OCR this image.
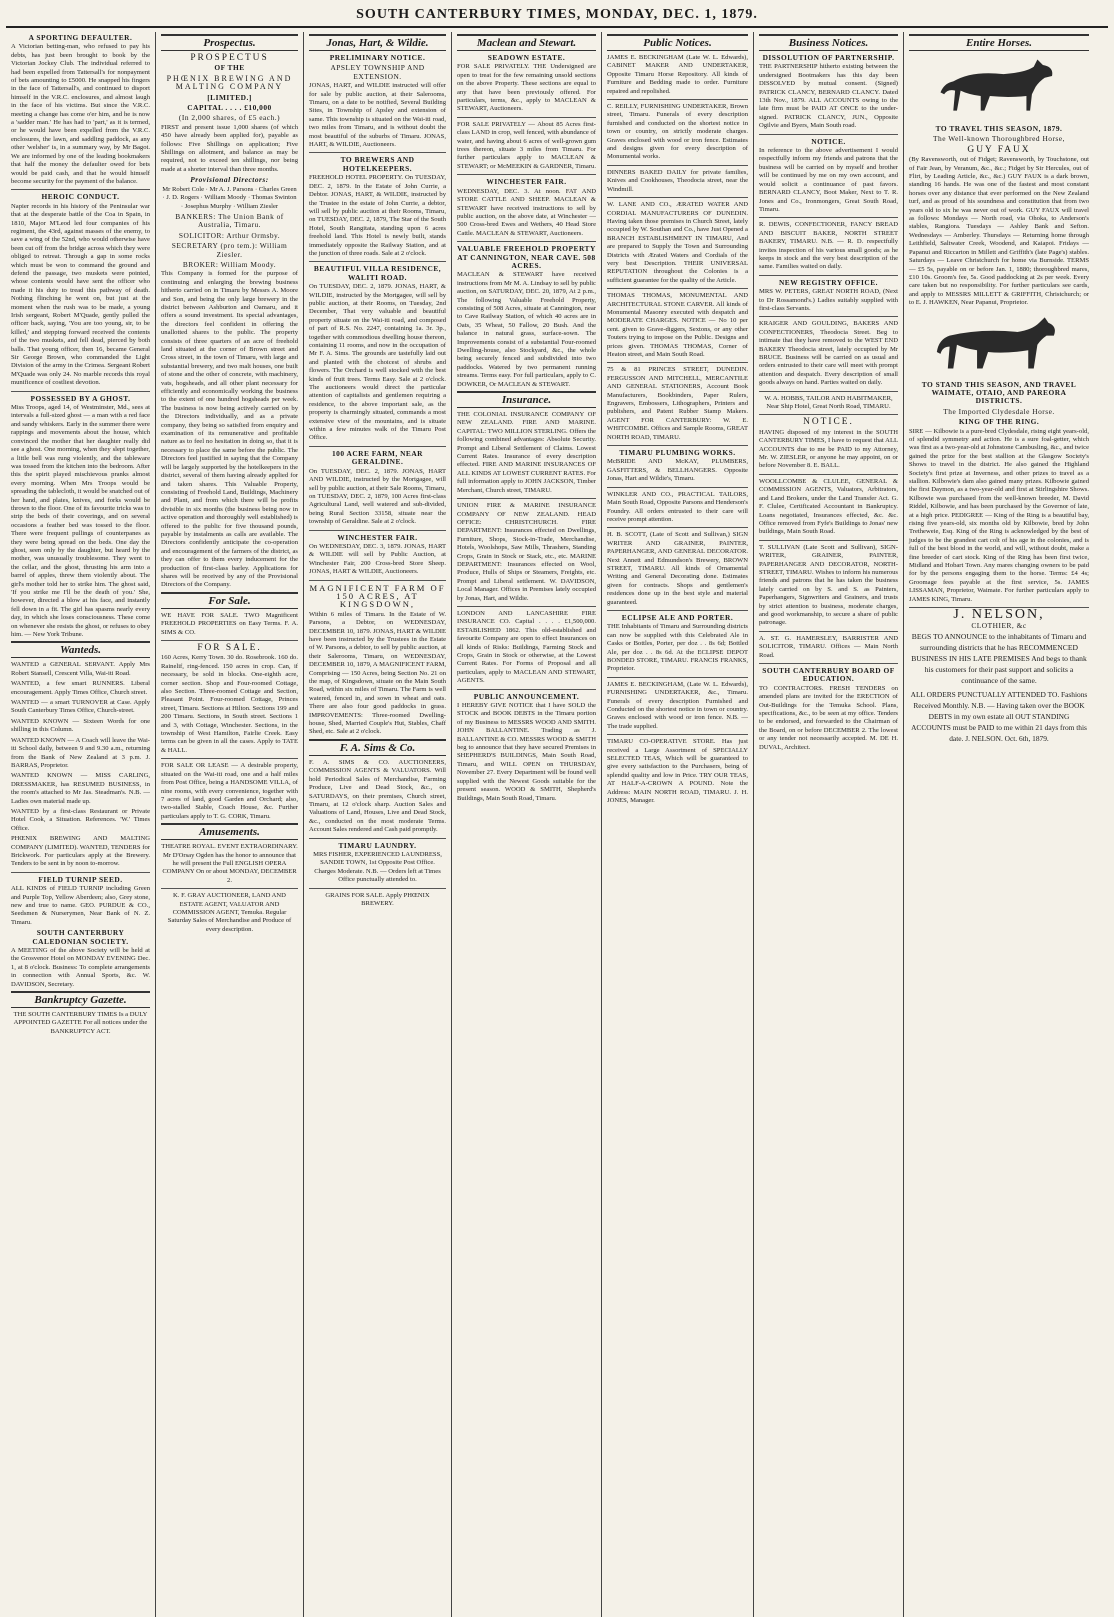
SOUTH CANTERBURY TIMES, MONDAY, DEC. 1, 1879.
A SPORTING DEFAULTER.
A Victorian betting-man, who refused to pay his debts, has just been brought to book by the Victorian Jockey Club. The individual referred to had been expelled from Tattersall's for nonpayment of bets amounting to £5000. He snapped his fingers in the face of Tattersall's, and continued to disport himself in the V.R.C. enclosures, and almost laugh in the face of his victims. But since the V.R.C. meeting a change has come o'er him, and he is now a 'sadder man.' He has had to 'part,' as it is termed, or he would have been expelled from the V.R.C. enclosures, the lawn, and saddling paddock, as any other 'welsher' is, in a summary way, by Mr Bagot. We are informed by one of the leading bookmakers that half the money the defaulter owed for bets would be paid cash, and that he would himself become security for the payment of the balance.
HEROIC CONDUCT.
Napier records in his history of the Peninsular war that at the desperate battle of the Coa in Spain, in 1810, Major M'Leod led four companies of his regiment, the 43rd, against masses of the enemy, to save a wing of the 52nd, who would otherwise have been cut off from the bridge across which they were obliged to retreat. Through a gap in some rocks which must be won to command the ground and defend the passage, two muskets were pointed, whose contents would have sent the officer who made it his duty to tread this pathway of death. Nothing flinching he went on, but just at the moment when the rush was to be made, a young Irish sergeant, Robert M'Quade, gently pulled the officer back, saying, 'You are too young, sir, to be killed,' and stepping forward received the contents of the two muskets, and fell dead, pierced by both balls. That young officer, then 16, became General Sir George Brown, who commanded the Light Division of the army in the Crimea. Sergeant Robert M'Quade was only 24. No marble records this royal munificence of costliest devotion.
POSSESSED BY A GHOST.
Miss Troops, aged 14, of Westminster, Md., sees at intervals a full-sized ghost — a man with a red face and sandy whiskers. Early in the summer there were rappings and movements about the house, which convinced the mother that her daughter really did see a ghost. One morning, when they slept together, a little bell was rung violently, and the tableware was tossed from the kitchen into the bedroom. After this the spirit played mischievous pranks almost every morning. When Mrs Troops would be spreading the tablecloth, it would be snatched out of her hand, and plates, knives, and forks would be thrown to the floor. One of its favourite tricks was to strip the beds of their coverings, and on several occasions a feather bed was tossed to the floor. There were frequent pullings of counterpanes as they were being spread on the beds. One day the ghost, seen only by the daughter, but heard by the mother, was unusually troublesome. They went to the cellar, and the ghost, thrusting his arm into a barrel of apples, threw them violently about. The girl's mother told her to strike him. The ghost said, 'If you strike me I'll be the death of you.' She, however, directed a blow at his face, and instantly fell down in a fit. The girl has spasms nearly every day, in which she loses consciousness. These come on whenever she resists the ghost, or refuses to obey him. — New York Tribune.
Wanteds.
WANTED a GENERAL SERVANT. Apply Mrs Robert Stansell, Crescent Villa, Wai-iti Road.
WANTED, a few smart RUNNERS. Liberal encouragement. Apply Times Office, Church street.
WANTED — a smart TURNOVER at Case. Apply South Canterbury Times Office, Church-street.
WANTED KNOWN — Sixteen Words for one shilling in this Column.
WANTED KNOWN — A Coach will leave the Wai-iti School daily, between 9 and 9.30 a.m., returning from the Bank of New Zealand at 3 p.m. J. BARRAS, Proprietor.
WANTED KNOWN — MISS CARLING, DRESSMAKER, has RESUMED BUSINESS, in the room's attached to Mr Jas. Steadman's. N.B. — Ladies own material made up.
WANTED by a first-class Restaurant or Private Hotel Cook, a Situation. References. 'W.' Times Office.
PHŒNIX BREWING AND MALTING COMPANY (LIMITED). WANTED, TENDERS for Brickwork. For particulars apply at the Brewery. Tenders to be sent in by noon to-morrow.
FIELD TURNIP SEED.
ALL KINDS of FIELD TURNIP including Green and Purple Top, Yellow Aberdeen; also, Grey stone, new and true to name. GEO. PURDUE & CO., Seedsmen & Nurserymen, Near Bank of N. Z. Timaru.
SOUTH CANTERBURY CALEDONIAN SOCIETY.
A MEETING of the above Society will be held at the Grosvenor Hotel on MONDAY EVENING Dec. 1, at 8 o'clock. Business: To complete arrangements in connection with Annual Sports, &c. W. DAVIDSON, Secretary.
Bankruptcy Gazette.
THE SOUTH CANTERBURY TIMES Is a DULY APPOINTED GAZETTE For all notices under the BANKRUPTCY ACT.
Prospectus.
PROSPECTUS
OF THE
PHŒNIX BREWING AND MALTING COMPANY
[LIMITED.]
CAPITAL . . . . £10,000
(In 2,000 shares, of £5 each.)
FIRST and present issue 1,000 shares (of which 450 have already been applied for), payable as follows: Five Shillings on application; Five Shillings on allotment, and balance as may be required, not to exceed ten shillings, nor being made at a shorter interval than three months.
Provisional Directors:
Mr Robert Cole · Mr A. J. Parsons · Charles Green · J. D. Rogers · William Moody · Thomas Swinton · Josephus Murphy · William Ziesler
BANKERS: The Union Bank of Australia, Timaru.
SOLICITOR: Arthur Ormsby.
SECRETARY (pro tem.): William Ziesler.
BROKER: William Moody.
This Company is formed for the purpose of continuing and enlarging the brewing business hitherto carried on in Timaru by Messrs A. Moore and Son, and being the only large brewery in the district between Ashburton and Oamaru, and it offers a sound investment. Its special advantages, the directors feel confident in offering the unallotted shares to the public. The property consists of three quarters of an acre of freehold land situated at the corner of Brown street and Cross street, in the town of Timaru, with large and substantial brewery, and two malt houses, one built of stone and the other of concrete, with machinery, vats, hogsheads, and all other plant necessary for efficiently and economically working the business to the extent of one hundred hogsheads per week. The business is now being actively carried on by the Directors individually, and as a private company, they being so satisfied from enquiry and examination of its remunerative and profitable nature as to feel no hesitation in doing so, that it is necessary to place the same before the public. The Directors feel justified in saying that the Company will be largely supported by the hotelkeepers in the district, several of them having already applied for and taken shares. This Valuable Property, consisting of Freehold Land, Buildings, Machinery and Plant, and from which there will be profits divisible in six months (the business being now in active operation and thoroughly well established) is offered to the public for five thousand pounds, payable by instalments as calls are available. The Directors confidently anticipate the co-operation and encouragement of the farmers of the district, as they can offer to them every inducement for the production of first-class barley. Applications for shares will be received by any of the Provisional Directors of the Company.
For Sale.
WE HAVE FOR SALE. TWO Magnificent FREEHOLD PROPERTIES on Easy Terms. F. A. SIMS & CO.
FOR SALE.
160 Acres, Kerry Town. 30 do. Rosebrook. 160 do. Rainelif, ring-fenced. 150 acres in crop. Can, if necessary, be sold in blocks. One-eighth acre, corner section. Shop and Four-roomed Cottage, also Section. Three-roomed Cottage and Section, Pleasant Point. Four-roomed Cottage, Princes street, Timaru. Sections at Hilton. Sections 199 and 200 Timaru. Sections, in South street. Sections 1 and 3, with Cottage, Winchester. Sections, in the township of West Hamilton, Fairlie Creek. Easy terms can be given in all the cases. Apply to TATE & HALL.
FOR SALE OR LEASE — A desirable property, situated on the Wai-iti road, one and a half miles from Post Office, being a HANDSOME VILLA, of nine rooms, with every convenience, together with 7 acres of land, good Garden and Orchard; also, two-stalled Stable, Coach House, &c. Further particulars apply to T. G. CORK, Timaru.
Amusements.
THEATRE ROYAL. EVENT EXTRAORDINARY. Mr D'Orsay Ogden has the honor to announce that he will present the Full ENGLISH OPERA COMPANY On or about MONDAY, DECEMBER 2.
K. F. GRAY AUCTIONEER, LAND AND ESTATE AGENT, VALUATOR AND COMMISSION AGENT, Temuka. Regular Saturday Sales of Merchandise and Produce of every description.
Jonas, Hart, & Wildie.
PRELIMINARY NOTICE.
APSLEY TOWNSHIP AND EXTENSION.
JONAS, HART, and WILDIE instructed will offer for sale by public auction, at their Salerooms, Timaru, on a date to be notified, Several Building Sites, in Township of Apsley and extension of same. This township is situated on the Wai-iti road, two miles from Timaru, and is without doubt the most beautiful of the suburbs of Timaru. JONAS, HART, & WILDIE, Auctioneers.
TO BREWERS AND HOTELKEEPERS.
FREEHOLD HOTEL PROPERTY. On TUESDAY, DEC. 2, 1879. In the Estate of John Currie, a Debtor. JONAS, HART, & WILDIE, instructed by the Trustee in the estate of John Currie, a debtor, will sell by public auction at their Rooms, Timaru, on TUESDAY, DEC. 2, 1879, The Star of the South Hotel, South Rangitata, standing upon 6 acres freehold land. This Hotel is newly built, stands immediately opposite the Railway Station, and at the junction of three roads. Sale at 2 o'clock.
BEAUTIFUL VILLA RESIDENCE, WALITI ROAD.
On TUESDAY, DEC. 2, 1879. JONAS, HART, & WILDIE, instructed by the Mortgagee, will sell by public auction, at their Rooms, on Tuesday, 2nd December, That very valuable and beautiful property situate on the Wai-iti road, and composed of part of R.S. No. 2247, containing 1a. 3r. 3p., together with commodious dwelling house thereon, containing 11 rooms, and now in the occupation of Mr F. A. Sims. The grounds are tastefully laid out and planted with the choicest of shrubs and flowers. The Orchard is well stocked with the best kinds of fruit trees. Terms Easy. Sale at 2 o'clock. The auctioneers would direct the particular attention of capitalists and gentlemen requiring a residence, to the above important sale, as the property is charmingly situated, commands a most extensive view of the mountains, and is situate within a few minutes walk of the Timaru Post Office.
100 ACRE FARM, NEAR GERALDINE.
On TUESDAY, DEC. 2, 1879. JONAS, HART AND WILDIE, instructed by the Mortgagee, will sell by public auction, at their Sale Rooms, Timaru, on TUESDAY, DEC. 2, 1879, 100 Acres first-class Agricultural Land, well watered and sub-divided, being Rural Section 33158, situate near the township of Geraldine. Sale at 2 o'clock.
WINCHESTER FAIR.
On WEDNESDAY, DEC. 3, 1879. JONAS, HART & WILDIE will sell by Public Auction, at Winchester Fair, 200 Cross-bred Store Sheep. JONAS, HART & WILDIE, Auctioneers.
MAGNIFICENT FARM OF 150 ACRES, AT KINGSDOWN,
Within 6 miles of Timaru. In the Estate of W. Parsons, a Debtor, on WEDNESDAY, DECEMBER 10, 1879. JONAS, HART & WILDIE have been instructed by the Trustees in the Estate of W. Parsons, a debtor, to sell by public auction, at their Salerooms, Timaru, on WEDNESDAY, DECEMBER 10, 1879, A MAGNIFICENT FARM, Comprising — 150 Acres, being Section No. 21 on the map, of Kingsdown, situate on the Main South Road, within six miles of Timaru. The Farm is well watered, fenced in, and sown in wheat and oats. There are also four good paddocks in grass. IMPROVEMENTS: Three-roomed Dwelling-house, Shed, Married Couple's Hut, Stables, Chaff Shed, etc. Sale at 2 o'clock.
F. A. Sims & Co.
F. A. SIMS & CO. AUCTIONEERS, COMMISSION AGENTS & VALUATORS. Will hold Periodical Sales of Merchandise, Farming Produce, Live and Dead Stock, &c., on SATURDAYS, on their premises, Church street, Timaru, at 12 o'clock sharp. Auction Sales and Valuations of Land, Houses, Live and Dead Stock, &c., conducted on the most moderate Terms. Account Sales rendered and Cash paid promptly.
TIMARU LAUNDRY.
MRS FISHER, EXPERIENCED LAUNDRESS, SANDIE TOWN, 1st Opposite Post Office. Charges Moderate. N.B. — Orders left at Times Office punctually attended to.
GRAINS FOR SALE. Apply PHŒNIX BREWERY.
Maclean and Stewart.
SEADOWN ESTATE.
FOR SALE PRIVATELY. THE Undersigned are open to treat for the few remaining unsold sections on the above Property. These sections are equal to any that have been previously offered. For particulars, terms, &c., apply to MACLEAN & STEWART, Auctioneers.
FOR SALE PRIVATELY — About 85 Acres first-class LAND in crop, well fenced, with abundance of water, and having about 6 acres of well-grown gum trees thereon, situate 3 miles from Timaru. For further particulars apply to MACLEAN & STEWART; or McMEEKIN & GARDNER, Timaru.
WINCHESTER FAIR.
WEDNESDAY, DEC. 3. At noon. FAT AND STORE CATTLE AND SHEEP. MACLEAN & STEWART have received instructions to sell by public auction, on the above date, at Winchester — 500 Cross-bred Ewes and Wethers, 40 Head Store Cattle. MACLEAN & STEWART, Auctioneers.
VALUABLE FREEHOLD PROPERTY AT CANNINGTON, NEAR CAVE. 508 ACRES.
MACLEAN & STEWART have received instructions from Mr M. A. Lindsay to sell by public auction, on SATURDAY, DEC. 20, 1879, At 2 p.m., The following Valuable Freehold Property, consisting of 508 Acres, situate at Cannington, near to Cave Railway Station, of which 40 acres are in Oats, 35 Wheat, 50 Fallow, 20 Bush. And the balance in natural grass, surface-sown. The Improvements consist of a substantial Four-roomed Dwelling-house, also Stockyard, &c., the whole being securely fenced and subdivided into two paddocks. Watered by two permanent running streams. Terms easy. For full particulars, apply to C. DOWKER, Or MACLEAN & STEWART.
Insurance.
THE COLONIAL INSURANCE COMPANY OF NEW ZEALAND. FIRE AND MARINE. CAPITAL: TWO MILLION STERLING. Offers the following combined advantages: Absolute Security. Prompt and Liberal Settlement of Claims. Lowest Current Rates. Insurance of every description effected. FIRE AND MARINE INSURANCES OF ALL KINDS AT LOWEST CURRENT RATES. For full information apply to JOHN JACKSON, Timber Merchant, Church street, TIMARU.
UNION FIRE & MARINE INSURANCE COMPANY OF NEW ZEALAND. HEAD OFFICE: CHRISTCHURCH. FIRE DEPARTMENT: Insurances effected on Dwellings, Furniture, Shops, Stock-in-Trade, Merchandise, Hotels, Woolshops, Saw Mills, Thrashers, Standing Crops, Grain in Stock or Stack, etc., etc. MARINE DEPARTMENT: Insurances effected on Wool, Produce, Hulls of Ships or Steamers, Freights, etc. Prompt and Liberal settlement. W. DAVIDSON, Local Manager. Offices in Premises lately occupied by Jonas, Hart, and Wildie.
LONDON AND LANCASHIRE FIRE INSURANCE CO. Capital . . . . £1,500,000. ESTABLISHED 1862. This old-established and favourite Company are open to effect Insurances on all kinds of Risks: Buildings, Farming Stock and Crops, Grain in Stock or otherwise, at the Lowest Current Rates. For Forms of Proposal and all particulars, apply to MACLEAN AND STEWART, AGENTS.
PUBLIC ANNOUNCEMENT.
I HEREBY GIVE NOTICE that I have SOLD the STOCK and BOOK DEBTS in the Timaru portion of my Business to MESSRS WOOD AND SMITH. JOHN BALLANTINE. Trading as J. BALLANTINE & CO. MESSRS WOOD & SMITH beg to announce that they have secured Premises in SHEPHERD'S BUILDINGS, Main South Road, Timaru, and WILL OPEN on THURSDAY, November 27. Every Department will be found well supplied with the Newest Goods suitable for the present season. WOOD & SMITH, Shepherd's Buildings, Main South Road, Timaru.
Public Notices.
JAMES E. BECKINGHAM (Late W. L. Edwards), CABINET MAKER AND UNDERTAKER, Opposite Timaru Horse Repository. All kinds of Furniture and Bedding made to order. Furniture repaired and repolished.
C. REILLY, FURNISHING UNDERTAKER, Brown street, Timaru. Funerals of every description furnished and conducted on the shortest notice in town or country, on strictly moderate charges. Graves enclosed with wood or iron fence. Estimates and designs given for every description of Monumental works.
DINNERS BAKED DAILY for private families, Knives and Cookhouses, Theodocia street, near the Windmill.
W. LANE AND CO., ÆRATED WATER AND CORDIAL MANUFACTURERS OF DUNEDIN. Having taken those premises in Church Street, lately occupied by W. Southan and Co., have Just Opened a BRANCH ESTABLISHMENT IN TIMARU, And are prepared to Supply the Town and Surrounding Districts with Ærated Waters and Cordials of the very best Description. THEIR UNIVERSAL REPUTATION throughout the Colonies is a sufficient guarantee for the quality of the Article.
THOMAS THOMAS, MONUMENTAL AND ARCHITECTURAL STONE CARVER. All kinds of Monumental Masonry executed with despatch and MODERATE CHARGES. NOTICE — No 10 per cent. given to Grave-diggers, Sextons, or any other Touters trying to impose on the Public. Designs and prices given. THOMAS THOMAS, Corner of Heaton street, and Main South Road.
75 & 81 PRINCES STREET, DUNEDIN. FERGUSSON AND MITCHELL, MERCANTILE AND GENERAL STATIONERS, Account Book Manufacturers, Bookbinders, Paper Rulers, Engravers, Embossers, Lithographers, Printers and publishers, and Patent Rubber Stamp Makers. AGENT FOR CANTERBURY: W. E. WHITCOMBE. Offices and Sample Rooms, GREAT NORTH ROAD, TIMARU.
TIMARU PLUMBING WORKS.
McBRIDE AND McKAY, PLUMBERS, GASFITTERS, & BELLHANGERS. Opposite Jonas, Hart and Wildie's, Timaru.
WINKLER AND CO., PRACTICAL TAILORS, Main South Road, Opposite Parsons and Henderson's Foundry. All orders entrusted to their care will receive prompt attention.
H. B. SCOTT, (Late of Scott and Sullivan,) SIGN WRITER AND GRAINER, PAINTER, PAPERHANGER, AND GENERAL DECORATOR. Next Annett and Edmundson's Brewery, BROWN STREET, TIMARU. All kinds of Ornamental Writing and General Decorating done. Estimates given for contracts. Shops and gentlemen's residences done up in the best style and material guaranteed.
ECLIPSE ALE AND PORTER.
THE Inhabitants of Timaru and Surrounding districts can now be supplied with this Celebrated Ale in Casks or Bottles, Porter, per doz . . 8s 6d; Bottled Ale, per doz . . 8s 6d. At the ECLIPSE DEPOT BONDED STORE, TIMARU. FRANCIS FRANKS, Proprietor.
JAMES E. BECKINGHAM, (Late W. L. Edwards), FURNISHING UNDERTAKER, &c., Timaru. Funerals of every description Furnished and Conducted on the shortest notice in town or country. Graves enclosed with wood or iron fence. N.B. — The trade supplied.
TIMARU CO-OPERATIVE STORE. Has just received a Large Assortment of SPECIALLY SELECTED TEAS, Which will be guaranteed to give every satisfaction to the Purchasers, being of splendid quality and low in Price. TRY OUR TEAS, AT HALF-A-CROWN A POUND. Note the Address: MAIN NORTH ROAD, TIMARU. J. H. JONES, Manager.
Business Notices.
DISSOLUTION OF PARTNERSHIP.
THE PARTNERSHIP hitherto existing between the undersigned Bootmakers has this day been DISSOLVED by mutual consent. (Signed) PATRICK CLANCY, BERNARD CLANCY. Dated 13th Nov., 1879. ALL ACCOUNTS owing to the late firm must be PAID AT ONCE to the under-signed. PATRICK CLANCY, JUN., Opposite Ogilvie and Byers, Main South road.
NOTICE.
In reference to the above advertisement I would respectfully inform my friends and patrons that the business will be carried on by myself and brother will be continued by me on my own account, and would solicit a continuance of past favors. BERNARD CLANCY, Boot Maker, Next to T. R. Jones and Co., Ironmongers, Great South Road, Timaru.
R. DEWIS, CONFECTIONER, FANCY BREAD AND BISCUIT BAKER, NORTH STREET BAKERY, TIMARU. N.B. — R. D. respectfully invites inspection of his various small goods; as he keeps in stock and the very best description of the same. Families waited on daily.
NEW REGISTRY OFFICE.
MRS W. PETERS, GREAT NORTH ROAD, (Next to Dr Rossamond's.) Ladies suitably supplied with first-class Servants.
KRAIGER AND GOULDING, BAKERS AND CONFECTIONERS, Theodocia Street. Beg to intimate that they have removed to the WEST END BAKERY Theodocia street, lately occupied by Mr BRUCE. Business will be carried on as usual and orders entrusted to their care will meet with prompt attention and despatch. Every description of small goods always on hand. Parties waited on daily.
W. A. HOBBS, TAILOR AND HABITMAKER, Near Ship Hotel, Great North Road, TIMARU.
NOTICE.
HAVING disposed of my interest in the SOUTH CANTERBURY TIMES, I have to request that ALL ACCOUNTS due to me be PAID to my Attorney, Mr. W. ZIESLER, or anyone he may appoint, on or before November 8. E. BALL.
WOOLLCOMBE & CLULEE, GENERAL & COMMISSION AGENTS, Valuators, Arbitrators, and Land Brokers, under the Land Transfer Act. G. F. Clulee, Certificated Accountant in Bankruptcy. Loans negotiated, Insurances effected, &c. &c. Office removed from Fyfe's Buildings to Jonas' new buildings, Main South Road.
T. SULLIVAN (Late Scott and Sullivan), SIGN-WRITER, GRAINER, PAINTER, PAPERHANGER AND DECORATOR, NORTH-STREET, TIMARU. Wishes to inform his numerous friends and patrons that he has taken the business lately carried on by S. and S. as Painters, Paperhangers, Signwriters and Grainers, and trusts by strict attention to business, moderate charges, and good workmanship, to secure a share of public patronage.
A. ST. G. HAMERSLEY, BARRISTER AND SOLICITOR, TIMARU. Offices — Main North Road.
SOUTH CANTERBURY BOARD OF EDUCATION.
TO CONTRACTORS. FRESH TENDERS on amended plans are invited for the ERECTION of Out-Buildings for the Temuka School. Plans, specifications, &c., to be seen at my office. Tenders to be endorsed, and forwarded to the Chairman of the Board, on or before DECEMBER 2. The lowest or any tender not necessarily accepted. M. DE H. DUVAL, Architect.
Entire Horses.
TO TRAVEL THIS SEASON, 1879.
The Well-known Thoroughbred Horse,
GUY FAUX
(By Ravensworth, out of Fidget; Ravensworth, by Touchstone, out of Fair Jean, by Veranum, &c., &c.; Fidget by Sir Hercules, out of Flirt, by Leading Article, &c., &c.) GUY FAUX is a dark brown, standing 16 hands. He was one of the fastest and most constant horses over any distance that ever performed on the New Zealand turf, and as proud of his soundness and constitution that from two years old to six he was never out of work. GUY FAUX will travel as follows: Mondays — North road, via Ohoka, to Anderson's stables, Rangiora. Tuesdays — Ashley Bank and Sefton. Wednesdays — Amberley. Thursdays — Returning home through Leithfield, Saltwater Creek, Woodend, and Kaiapoi. Fridays — Papanui and Riccarton in Millett and Griffith's (late Page's) stables. Saturdays — Leave Christchurch for home via Burnside. TERMS — £5 5s, payable on or before Jan. 1, 1880; thoroughbred mares, £10 10s. Groom's fee, 5s. Good paddocking at 2s per week. Every care taken but no responsibility. For further particulars see cards, and apply to MESSRS MILLETT & GRIFFITH, Christchurch; or to E. J. HAWKEN, Near Papanui, Proprietor.
TO STAND THIS SEASON, AND TRAVEL WAIMATE, OTAIO, AND PAREORA DISTRICTS.
The Imported Clydesdale Horse.
KING OF THE RING.
SIRE — Kilbowie is a pure-bred Clydesdale, rising eight years-old, of splendid symmetry and action. He is a sure foal-getter, which was first as a two-year-old at Johnstone Cambusling, &c., and twice gained the prize for the best stallion at the Glasgow Society's Shows to travel in the district. He also gained the Highland Society's first prize at Inverness, and other prizes to travel as a stallion. Kilbowie's dam also gained many prizes. Kilbowie gained the first Daymon, as a two-year-old and first at Stirlingshire Shows. Kilbowie was purchased from the well-known breeder, M. David Riddel, Kilbowie, and has been purchased by the Governor of late, at a high price. PEDIGREE — King of the Ring is a beautiful bay, rising five years-old, six months old by Kilbowie, bred by John Tretheweie, Esq. King of the Ring is acknowledged by the best of judges to be the grandest cart colt of his age in the colonies, and is full of the best blood in the world, and will, without doubt, make a fine breeder of cart stock. King of the Ring has been first twice, Midland and Hobart Town. Any mares changing owners to be paid for by the persons engaging them to the horse. Terms: £4 4s; Groomage fees payable at the first service, 5s. JAMES LISSAMAN, Proprietor, Waimate. For further particulars apply to JAMES KING, Timaru.
J. NELSON,
CLOTHIER, &c
BEGS TO ANNOUNCE to the inhabitants of Timaru and surrounding districts that he has RECOMMENCED BUSINESS IN HIS LATE PREMISES And begs to thank his customers for their past support and solicits a continuance of the same.
ALL ORDERS PUNCTUALLY ATTENDED TO. Fashions Received Monthly. N.B. — Having taken over the BOOK DEBTS in my own estate all OUT STANDING ACCOUNTS must be PAID to me within 21 days from this date. J. NELSON. Oct. 6th, 1879.
